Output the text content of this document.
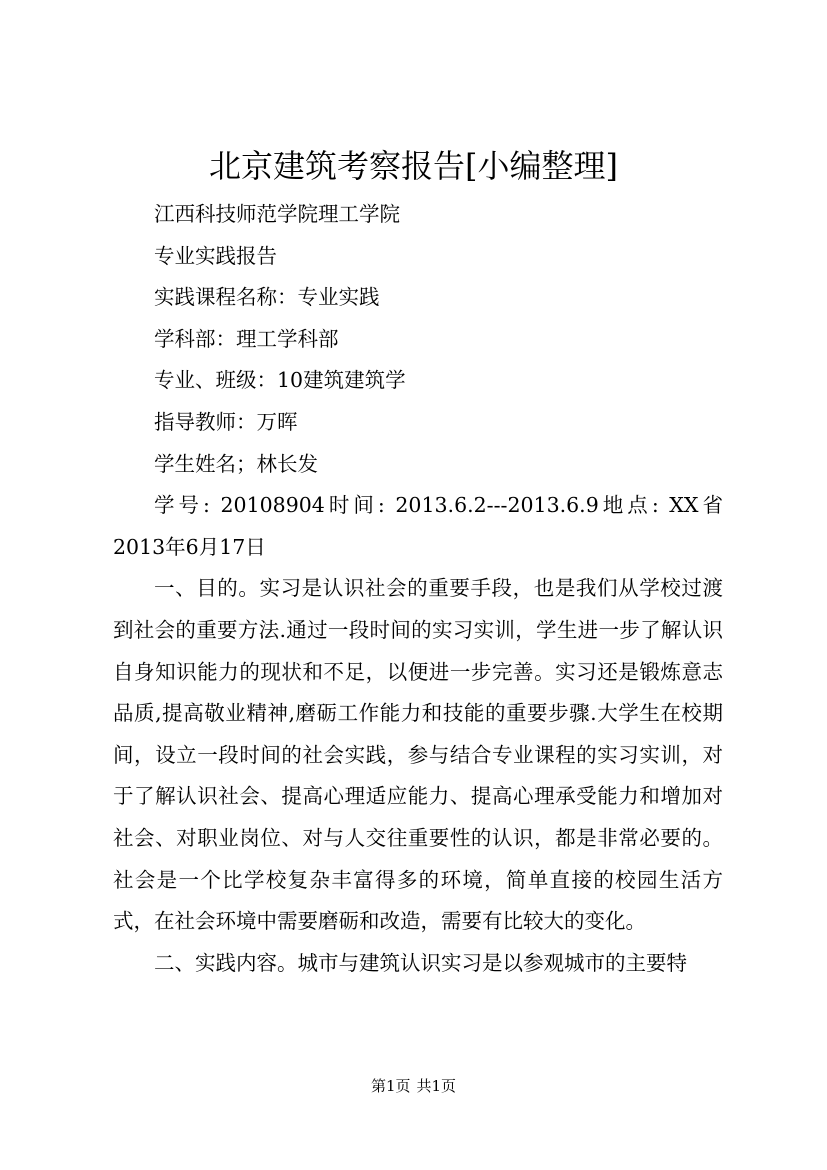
北京建筑考察报告[小编整理]

江西科技师范学院理工学院

专业实践报告

实践课程名称：专业实践

学科部：理工学科部

专业、班级：10建筑建筑学

指导教师：万晖

学生姓名；林长发

学号: 20108904时间: 2013.6.2---2013.6.9地点: XX省2013年6月17日

一、目的。实习是认识社会的重要手段，也是我们从学校过渡到社会的重要方法.通过一段时间的实习实训，学生进一步了解认识自身知识能力的现状和不足，以便进一步完善。实习还是锻炼意志品质,提高敬业精神,磨砺工作能力和技能的重要步骤.大学生在校期间，设立一段时间的社会实践，参与结合专业课程的实习实训，对于了解认识社会、提高心理适应能力、提高心理承受能力和增加对社会、对职业岗位、对与人交往重要性的认识，都是非常必要的。社会是一个比学校复杂丰富得多的环境，简单直接的校园生活方式，在社会环境中需要磨砺和改造，需要有比较大的变化。

二、实践内容。城市与建筑认识实习是以参观城市的主要特

第1页 共1页
